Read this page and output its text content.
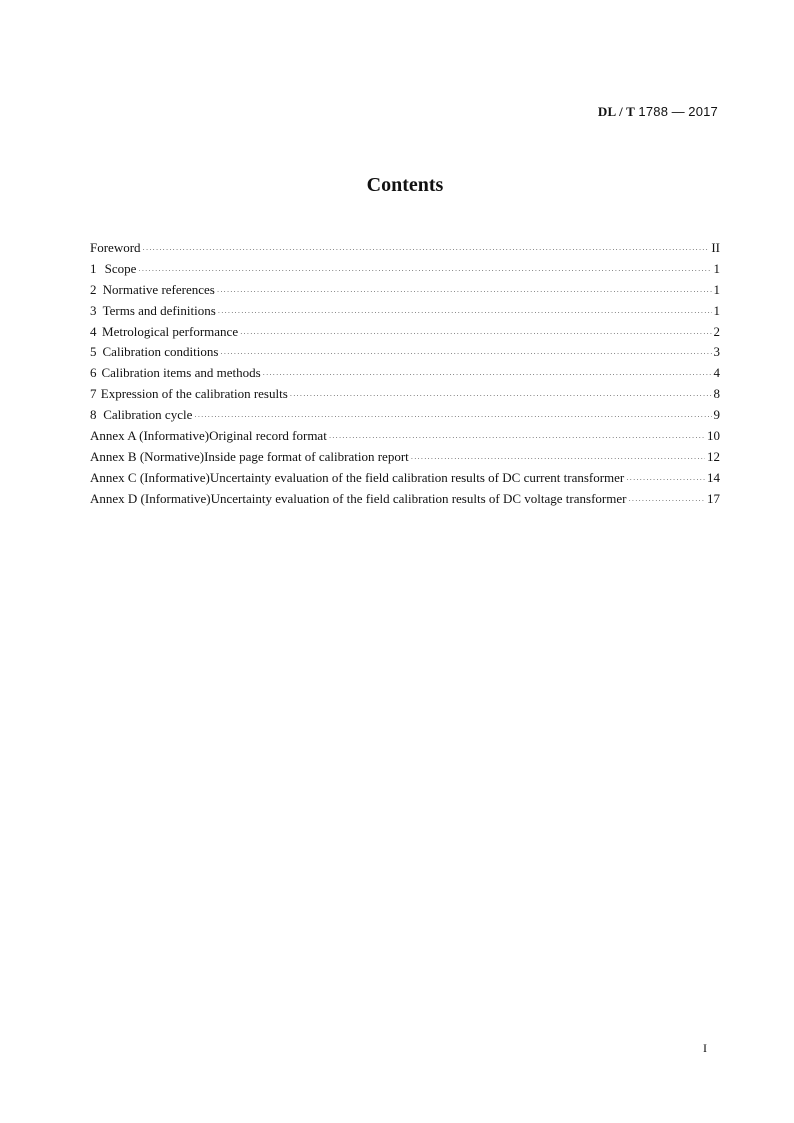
DL / T 1788 — 2017
Contents
Foreword ·····	II
1 Scope ·····	1
2 Normative references ·····	1
3 Terms and definitions ·····	1
4 Metrological performance ·····	2
5 Calibration conditions ·····	3
6 Calibration items and methods ·····	4
7 Expression of the calibration results ·····	8
8 Calibration cycle ·····	9
Annex A (Informative) Original record format ·····	10
Annex B (Normative) Inside page format of calibration report ·····	12
Annex C (Informative) Uncertainty evaluation of the field calibration results of DC current transformer ·····	14
Annex D (Informative) Uncertainty evaluation of the field calibration results of DC voltage transformer ·····	17
I
